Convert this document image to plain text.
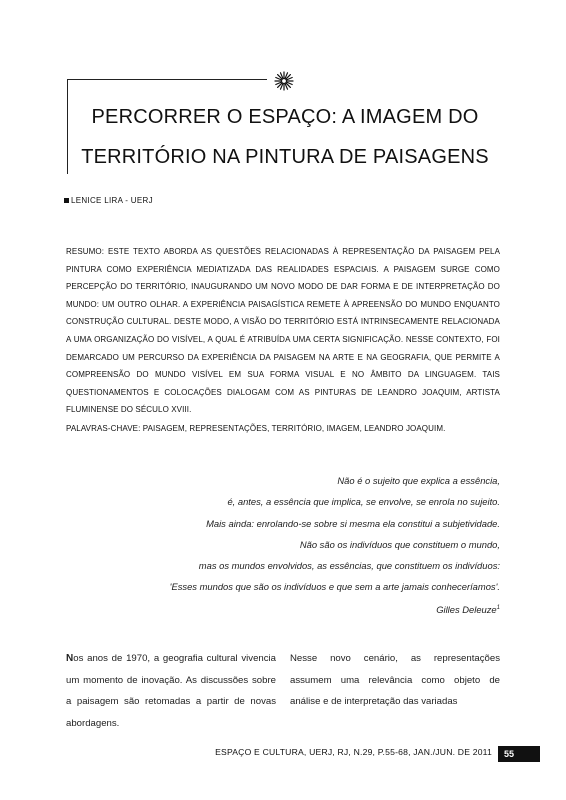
PERCORRER O ESPAÇO: A IMAGEM DO
TERRITÓRIO NA PINTURA DE PAISAGENS
LENICE LIRA - UERJ

RESUMO: ESTE TEXTO ABORDA AS QUESTÕES RELACIONADAS À REPRESENTAÇÃO DA PAISAGEM PELA PINTURA COMO EXPERIÊNCIA MEDIATIZADA DAS REALIDADES ESPACIAIS. A PAISAGEM SURGE COMO PERCEPÇÃO DO TERRITÓRIO, INAUGURANDO UM NOVO MODO DE DAR FORMA E DE INTERPRETAÇÃO DO MUNDO: UM OUTRO OLHAR. A EXPERIÊNCIA PAISAGÍSTICA REMETE À APREENSÃO DO MUNDO ENQUANTO CONSTRUÇÃO CULTURAL. DESTE MODO, A VISÃO DO TERRITÓRIO ESTÁ INTRINSECAMENTE RELACIONADA A UMA ORGANIZAÇÃO DO VISÍVEL, A QUAL É ATRIBUÍDA UMA CERTA SIGNIFICAÇÃO. NESSE CONTEXTO, FOI DEMARCADO UM PERCURSO DA EXPERIÊNCIA DA PAISAGEM NA ARTE E NA GEOGRAFIA, QUE PERMITE A COMPREENSÃO DO MUNDO VISÍVEL EM SUA FORMA VISUAL E NO ÂMBITO DA LINGUAGEM. TAIS QUESTIONAMENTOS E COLOCAÇÕES DIALOGAM COM AS PINTURAS DE LEANDRO JOAQUIM, ARTISTA FLUMINENSE DO SÉCULO XVIII.

PALAVRAS-CHAVE: PAISAGEM, REPRESENTAÇÕES, TERRITÓRIO, IMAGEM, LEANDRO JOAQUIM.
Não é o sujeito que explica a essência,
é, antes, a essência que implica, se envolve, se enrola no sujeito.
Mais ainda: enrolando-se sobre si mesma ela constitui a subjetividade.
Não são os indivíduos que constituem o mundo,
mas os mundos envolvidos, as essências, que constituem os indivíduos:
'Esses mundos que são os indivíduos e que sem a arte jamais conheceríamos'.
Gilles Deleuze$^1$

Nos anos de 1970, a geografia cultural vivencia um momento de inovação. As discussões sobre a paisagem são retomadas a partir de novas abordagens.

Nesse novo cenário, as representações assumem uma relevância como objeto de análise e de interpretação das variadas

ESPAÇO E CULTURA, UERJ, RJ, N.29, P.55-68, JAN./JUN. DE 2011	55
